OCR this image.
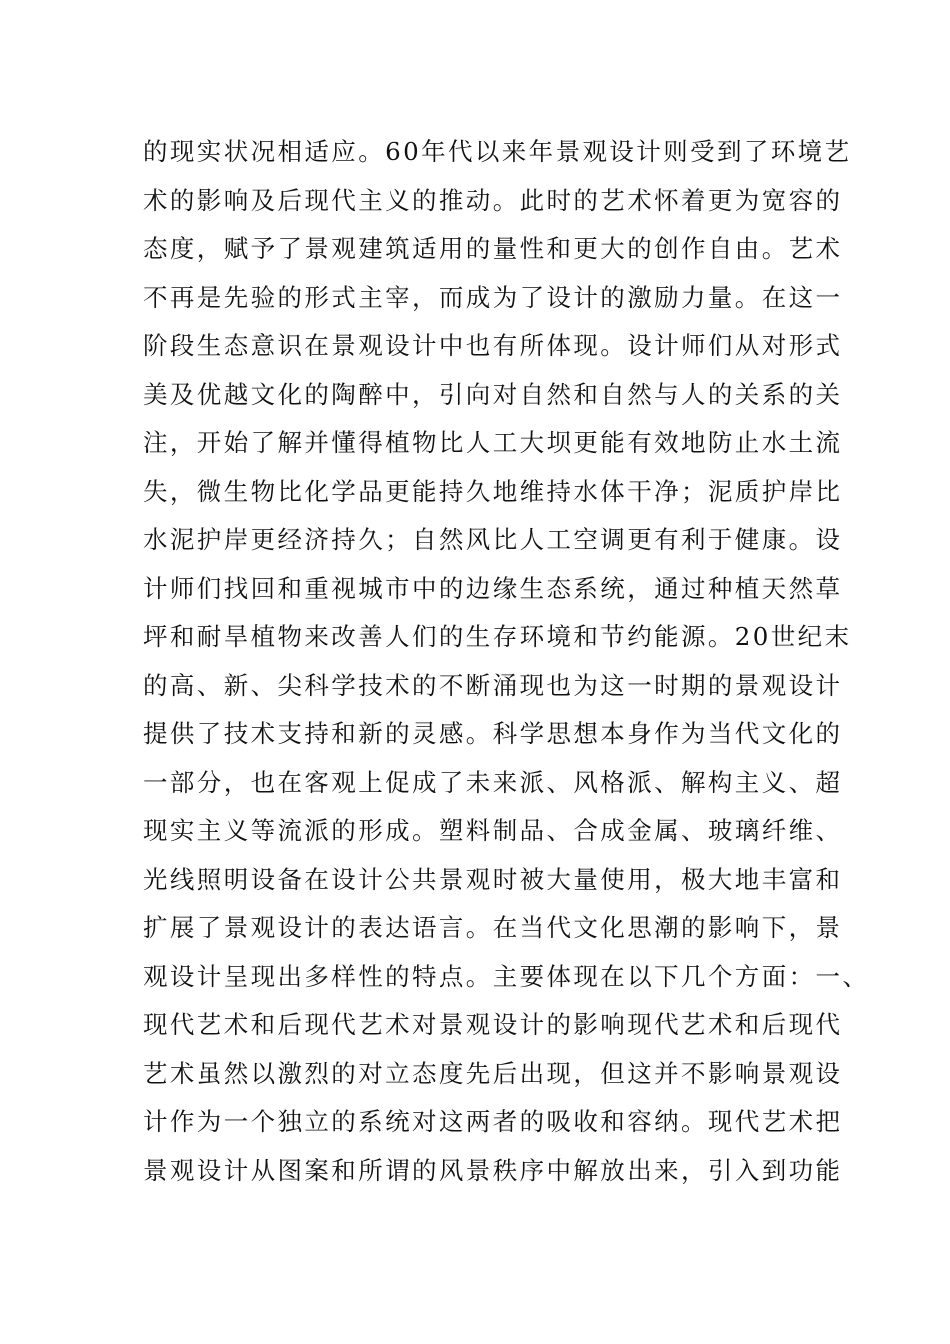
的现实状况相适应。60年代以来年景观设计则受到了环境艺
术的影响及后现代主义的推动。此时的艺术怀着更为宽容的
态度，赋予了景观建筑适用的量性和更大的创作自由。艺术
不再是先验的形式主宰，而成为了设计的激励力量。在这一
阶段生态意识在景观设计中也有所体现。设计师们从对形式
美及优越文化的陶醉中，引向对自然和自然与人的关系的关
注，开始了解并懂得植物比人工大坝更能有效地防止水土流
失，微生物比化学品更能持久地维持水体干净；泥质护岸比
水泥护岸更经济持久；自然风比人工空调更有利于健康。设
计师们找回和重视城市中的边缘生态系统，通过种植天然草
坪和耐旱植物来改善人们的生存环境和节约能源。20世纪末
的高、新、尖科学技术的不断涌现也为这一时期的景观设计
提供了技术支持和新的灵感。科学思想本身作为当代文化的
一部分，也在客观上促成了未来派、风格派、解构主义、超
现实主义等流派的形成。塑料制品、合成金属、玻璃纤维、
光线照明设备在设计公共景观时被大量使用，极大地丰富和
扩展了景观设计的表达语言。在当代文化思潮的影响下，景
观设计呈现出多样性的特点。主要体现在以下几个方面：一、
现代艺术和后现代艺术对景观设计的影响现代艺术和后现代
艺术虽然以激烈的对立态度先后出现，但这并不影响景观设
计作为一个独立的系统对这两者的吸收和容纳。现代艺术把
景观设计从图案和所谓的风景秩序中解放出来，引入到功能
